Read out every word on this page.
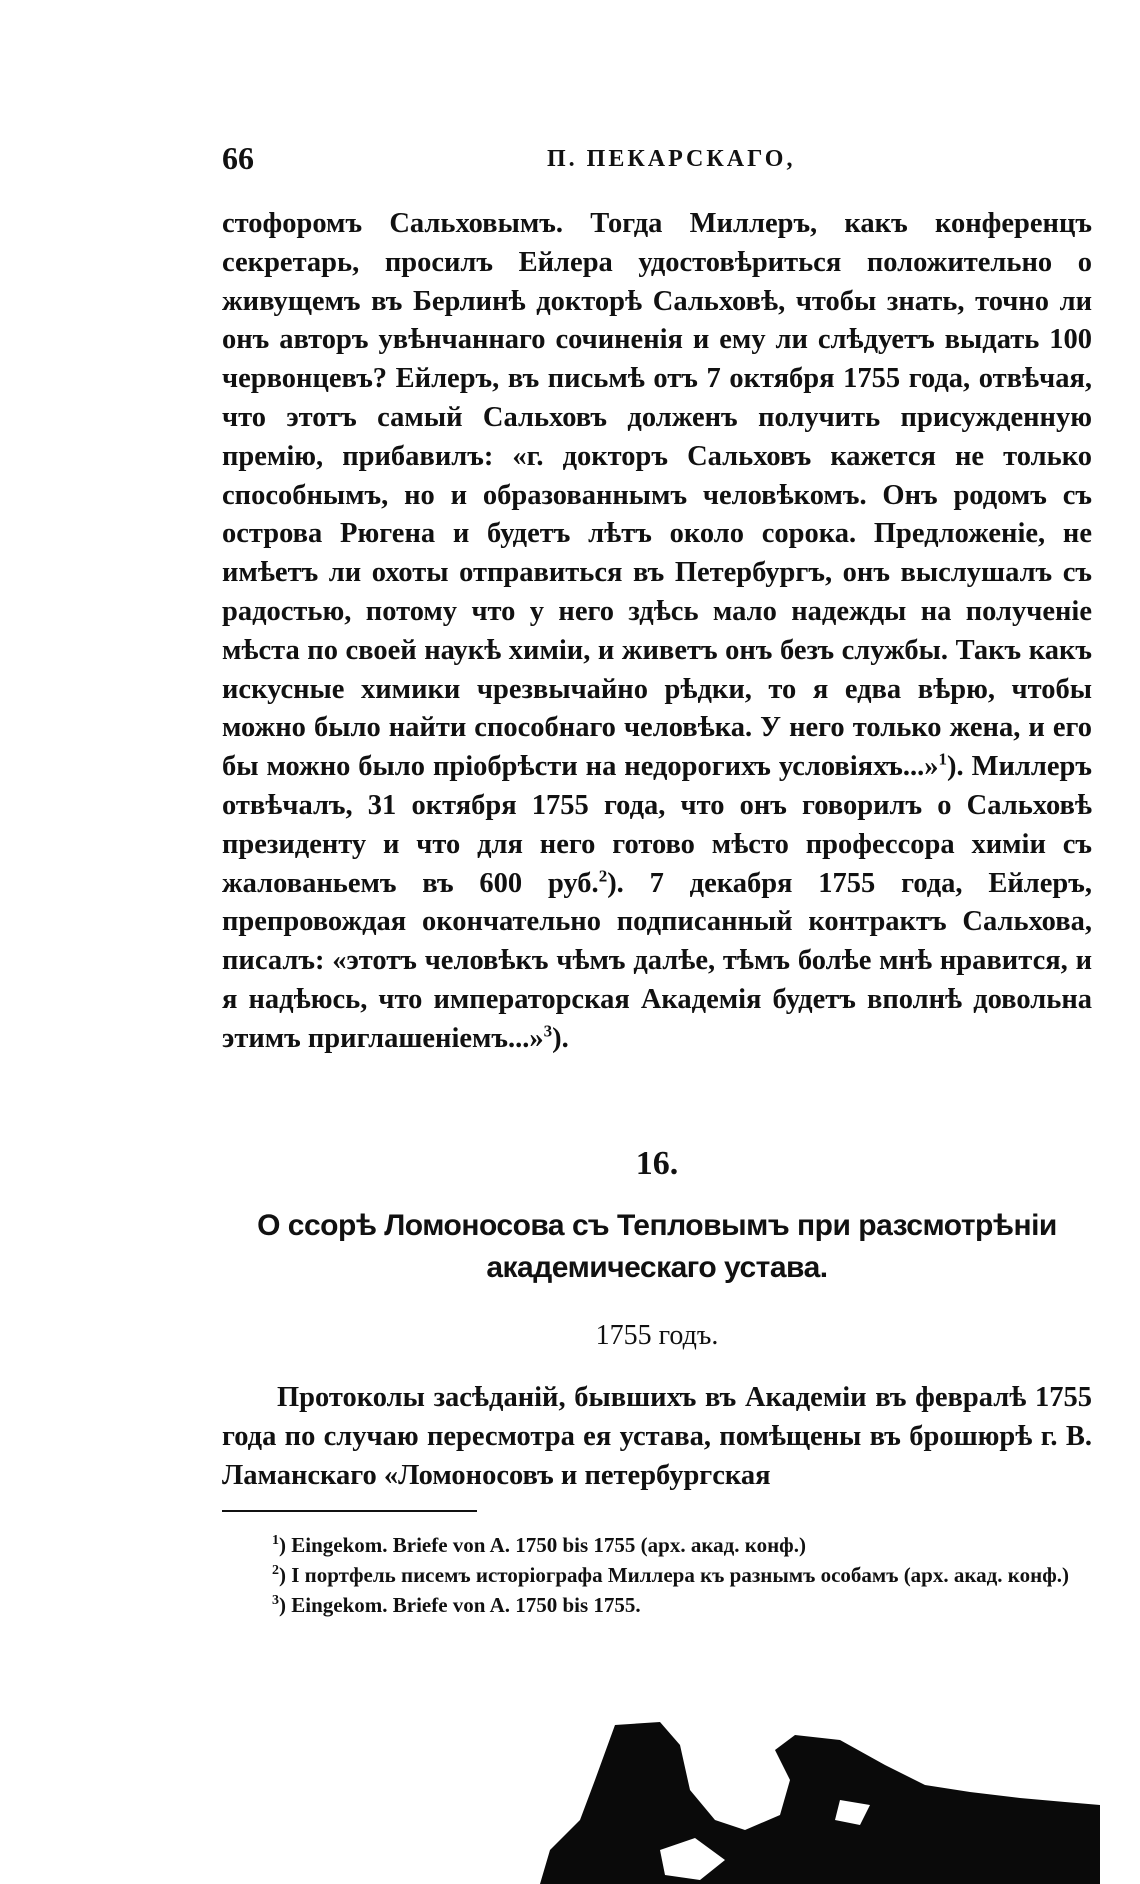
66	П. ПЕКАРСКАГО,

стофоромъ Сальховымъ. Тогда Миллеръ, какъ конференцъ секретарь, просилъ Ейлера удостовѣриться положительно о живущемъ въ Берлинѣ докторѣ Сальховѣ, чтобы знать, точно ли онъ авторъ увѣнчаннаго сочиненія и ему ли слѣдуетъ выдать 100 червонцевъ? Ейлеръ, въ письмѣ отъ 7 октября 1755 года, отвѣчая, что этотъ самый Сальховъ долженъ получить присужденную премію, прибавилъ: «г. докторъ Сальховъ кажется не только способнымъ, но и образованнымъ человѣкомъ. Онъ родомъ съ острова Рюгена и будетъ лѣтъ около сорока. Предложеніе, не имѣетъ ли охоты отправиться въ Петербургъ, онъ выслушалъ съ радостью, потому что у него здѣсь мало надежды на полученіе мѣста по своей наукѣ химіи, и живетъ онъ безъ службы. Такъ какъ искусные химики чрезвычайно рѣдки, то я едва вѣрю, чтобы можно было найти способнаго человѣка. У него только жена, и его бы можно было пріобрѣсти на недорогихъ условіяхъ...»$^1$). Миллеръ отвѣчалъ, 31 октября 1755 года, что онъ говорилъ о Сальховѣ президенту и что для него готово мѣсто профессора химіи съ жалованьемъ въ 600 руб.$^2$). 7 декабря 1755 года, Ейлеръ, препровождая окончательно подписанный контрактъ Сальхова, писалъ: «этотъ человѣкъ чѣмъ далѣе, тѣмъ болѣе мнѣ нравится, и я надѣюсь, что императорская Академія будетъ вполнѣ довольна этимъ приглашеніемъ...»$^3$).

16.
О ссорѣ Ломоносова съ Тепловымъ при разсмотрѣніи академическаго устава.
1755 годъ.
Протоколы засѣданій, бывшихъ въ Академіи въ февралѣ 1755 года по случаю пересмотра ея устава, помѣщены въ брошюрѣ г. В. Ламанскаго «Ломоносовъ и петербургская
$^1$) Eingekom. Briefe von A. 1750 bis 1755 (арх. акад. конф.)
$^2$) I портфель писемъ исторіографа Миллера къ разнымъ особамъ (арх. акад. конф.)
$^3$) Eingekom. Briefe von A. 1750 bis 1755.
